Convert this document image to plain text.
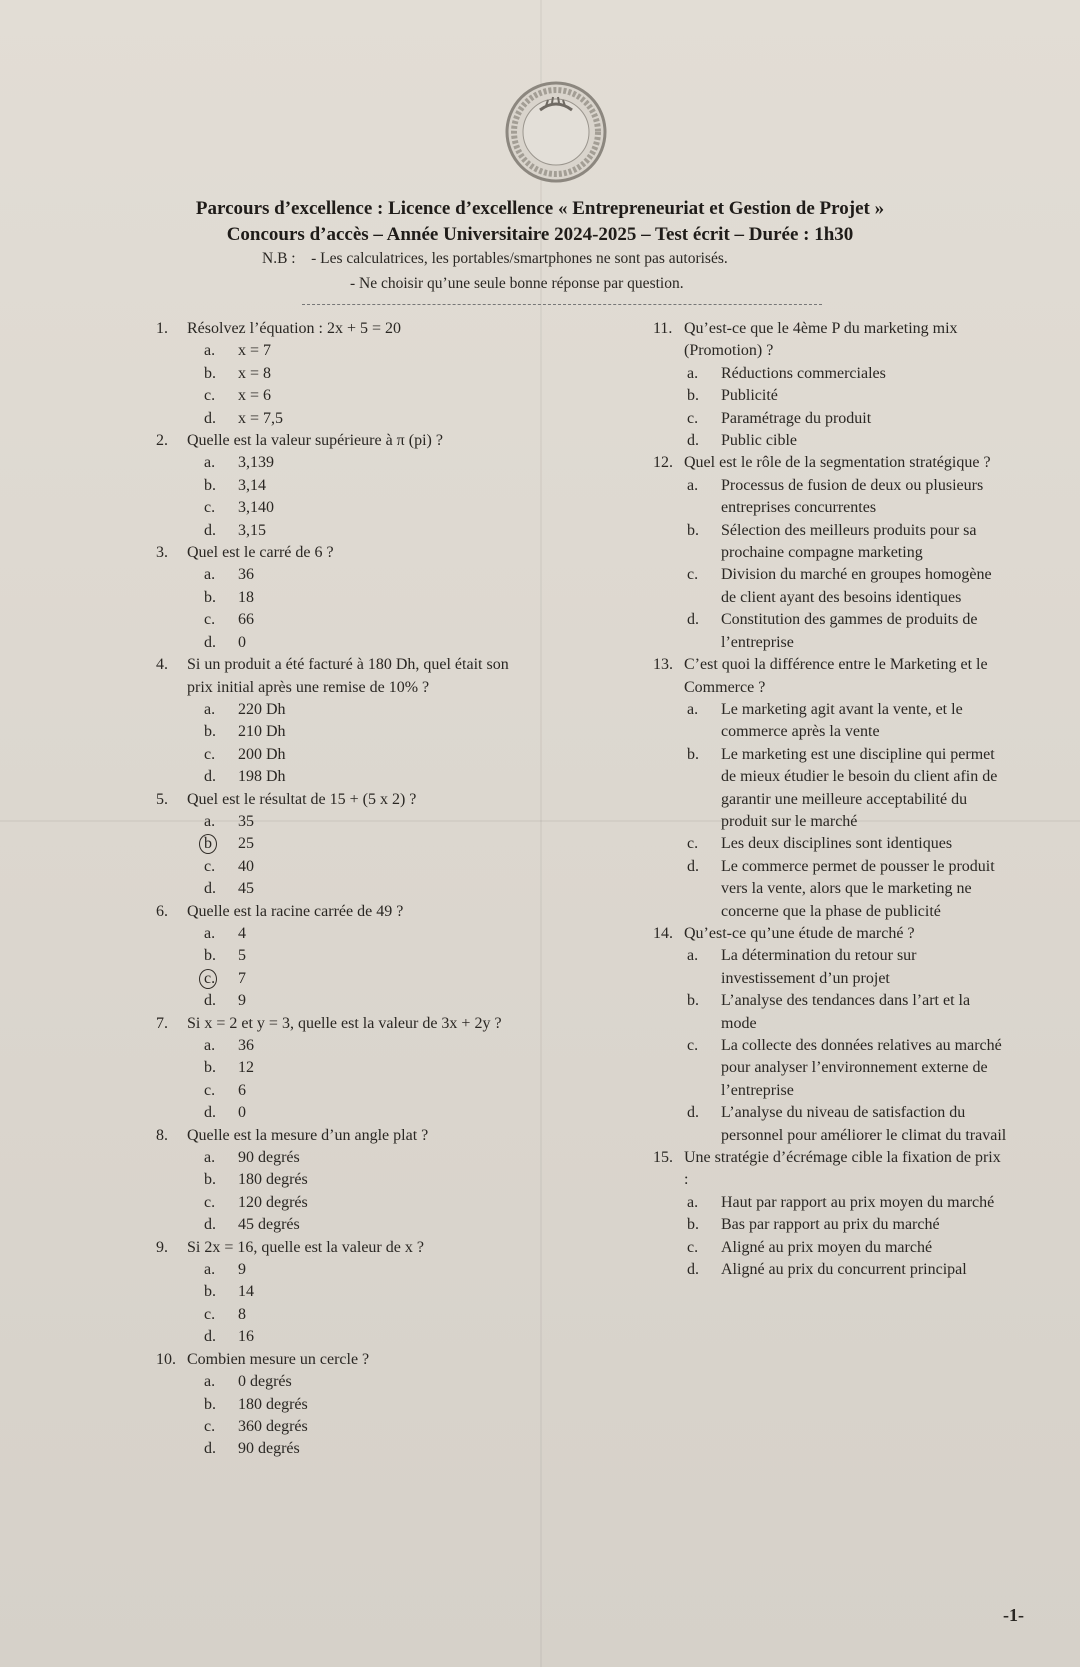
Parcours d’excellence : Licence d’excellence « Entrepreneuriat et Gestion de Projet »
Concours d’accès – Année Universitaire 2024-2025 – Test écrit – Durée : 1h30
N.B : - Les calculatrices, les portables/smartphones ne sont pas autorisés.
- Ne choisir qu’une seule bonne réponse par question.
1.	Résolvez l’équation : 2x + 5 = 20
a.	x = 7
b.	x = 8
c.	x = 6
d.	x = 7,5
2.	Quelle est la valeur supérieure à π (pi) ?
a.	3,139
b.	3,14
c.	3,140
d.	3,15
3.	Quel est le carré de 6 ?
a.	36
b.	18
c.	66
d.	0
4.	Si un produit a été facturé à 180 Dh, quel était son prix initial après une remise de 10% ?
a.	220 Dh
b.	210 Dh
c.	200 Dh
d.	198 Dh
5.	Quel est le résultat de 15 + (5 x 2) ?
a.	35
b	25
c.	40
d.	45
6.	Quelle est la racine carrée de 49 ?
a.	4
b.	5
c.	7
d.	9
7.	Si x = 2 et y = 3, quelle est la valeur de 3x + 2y ?
a.	36
b.	12
c.	6
d.	0
8.	Quelle est la mesure d’un angle plat ?
a.	90 degrés
b.	180 degrés
c.	120 degrés
d.	45 degrés
9.	Si 2x = 16, quelle est la valeur de x ?
a.	9
b.	14
c.	8
d.	16
10. Combien mesure un cercle ?
a.	0 degrés
b.	180 degrés
c.	360 degrés
d.	90 degrés
11. Qu’est-ce que le 4ème P du marketing mix (Promotion) ?
a.	Réductions commerciales
b.	Publicité
c.	Paramétrage du produit
d.	Public cible
12. Quel est le rôle de la segmentation stratégique ?
a.	Processus de fusion de deux ou plusieurs entreprises concurrentes
b.	Sélection des meilleurs produits pour sa prochaine compagne marketing
c.	Division du marché en groupes homogène de client ayant des besoins identiques
d.	Constitution des gammes de produits de l’entreprise
13. C’est quoi la différence entre le Marketing et le Commerce ?
a.	Le marketing agit avant la vente, et le commerce après la vente
b.	Le marketing est une discipline qui permet de mieux étudier le besoin du client afin de garantir une meilleure acceptabilité du produit sur le marché
c.	Les deux disciplines sont identiques
d.	Le commerce permet de pousser le produit vers la vente, alors que le marketing ne concerne que la phase de publicité
14. Qu’est-ce qu’une étude de marché ?
a.	La détermination du retour sur investissement d’un projet
b.	L’analyse des tendances dans l’art et la mode
c.	La collecte des données relatives au marché pour analyser l’environnement externe de l’entreprise
d.	L’analyse du niveau de satisfaction du personnel pour améliorer le climat du travail
15. Une stratégie d’écrémage cible la fixation de prix :
a.	Haut par rapport au prix moyen du marché
b.	Bas par rapport au prix du marché
c.	Aligné au prix moyen du marché
d.	Aligné au prix du concurrent principal
-1-
